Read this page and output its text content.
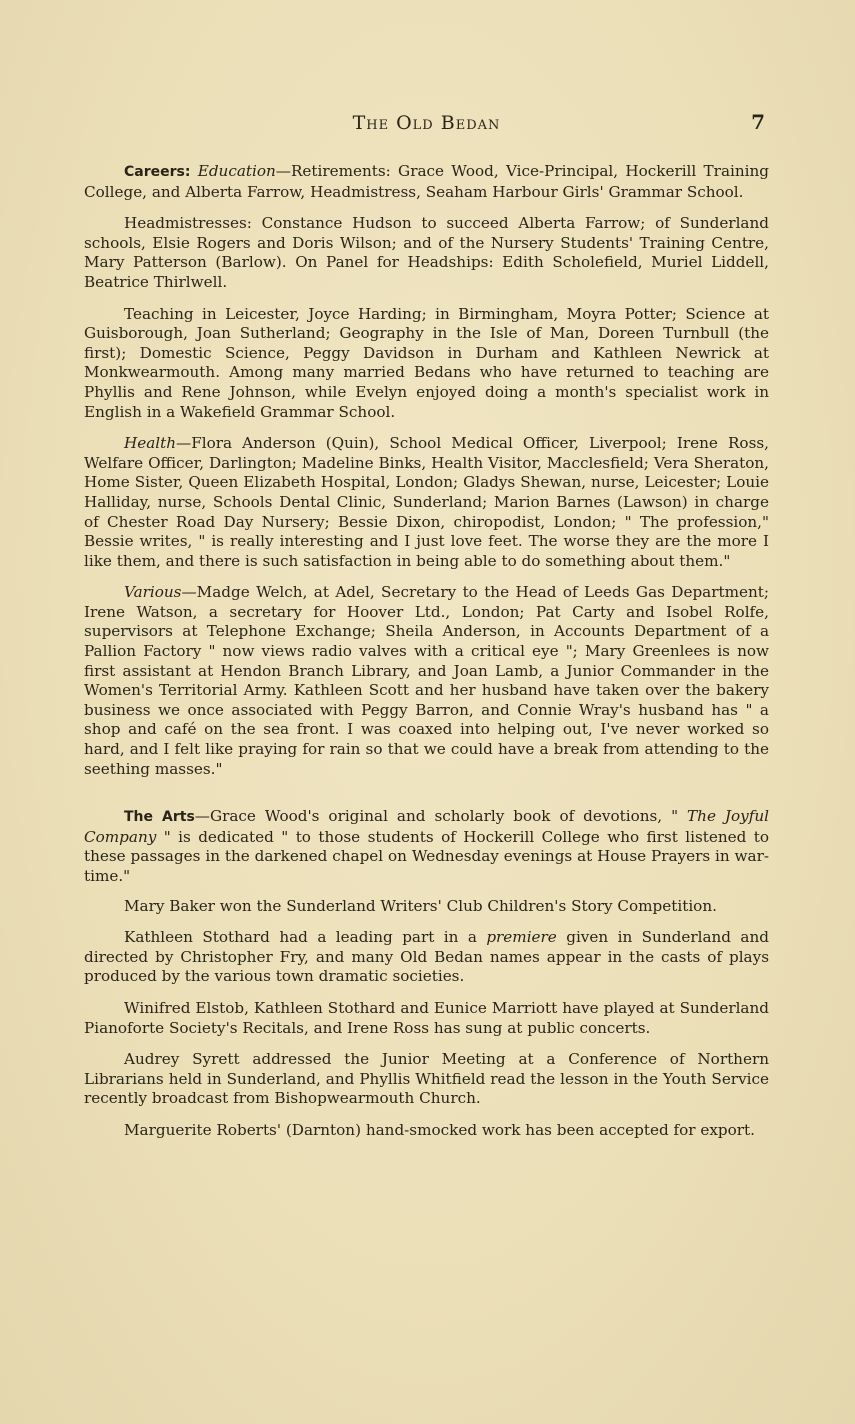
The Old Bedan	7

Careers: Education—Retirements: Grace Wood, Vice-Principal, Hockerill Training College, and Alberta Farrow, Headmistress, Seaham Harbour Girls' Grammar School.

Headmistresses: Constance Hudson to succeed Alberta Farrow; of Sunderland schools, Elsie Rogers and Doris Wilson; and of the Nursery Students' Training Centre, Mary Patterson (Barlow). On Panel for Headships: Edith Scholefield, Muriel Liddell, Beatrice Thirlwell.

Teaching in Leicester, Joyce Harding; in Birmingham, Moyra Potter; Science at Guisborough, Joan Sutherland; Geography in the Isle of Man, Doreen Turnbull (the first); Domestic Science, Peggy Davidson in Durham and Kathleen Newrick at Monkwearmouth. Among many married Bedans who have returned to teaching are Phyllis and Rene Johnson, while Evelyn enjoyed doing a month's specialist work in English in a Wakefield Grammar School.

Health—Flora Anderson (Quin), School Medical Officer, Liverpool; Irene Ross, Welfare Officer, Darlington; Madeline Binks, Health Visitor, Macclesfield; Vera Sheraton, Home Sister, Queen Elizabeth Hospital, London; Gladys Shewan, nurse, Leicester; Louie Halliday, nurse, Schools Dental Clinic, Sunderland; Marion Barnes (Lawson) in charge of Chester Road Day Nursery; Bessie Dixon, chiropodist, London; " The profession," Bessie writes, " is really interesting and I just love feet. The worse they are the more I like them, and there is such satisfaction in being able to do something about them."

Various—Madge Welch, at Adel, Secretary to the Head of Leeds Gas Department; Irene Watson, a secretary for Hoover Ltd., London; Pat Carty and Isobel Rolfe, supervisors at Telephone Exchange; Sheila Anderson, in Accounts Department of a Pallion Factory " now views radio valves with a critical eye "; Mary Greenlees is now first assistant at Hendon Branch Library, and Joan Lamb, a Junior Commander in the Women's Territorial Army. Kathleen Scott and her husband have taken over the bakery business we once associated with Peggy Barron, and Connie Wray's husband has " a shop and café on the sea front. I was coaxed into helping out, I've never worked so hard, and I felt like praying for rain so that we could have a break from attending to the seething masses."

The Arts—Grace Wood's original and scholarly book of devotions, " The Joyful Company " is dedicated " to those students of Hockerill College who first listened to these passages in the darkened chapel on Wednesday evenings at House Prayers in war-time."

Mary Baker won the Sunderland Writers' Club Children's Story Competition.

Kathleen Stothard had a leading part in a premiere given in Sunderland and directed by Christopher Fry, and many Old Bedan names appear in the casts of plays produced by the various town dramatic societies.

Winifred Elstob, Kathleen Stothard and Eunice Marriott have played at Sunderland Pianoforte Society's Recitals, and Irene Ross has sung at public concerts.

Audrey Syrett addressed the Junior Meeting at a Conference of Northern Librarians held in Sunderland, and Phyllis Whitfield read the lesson in the Youth Service recently broadcast from Bishopwearmouth Church.

Marguerite Roberts' (Darnton) hand-smocked work has been accepted for export.
